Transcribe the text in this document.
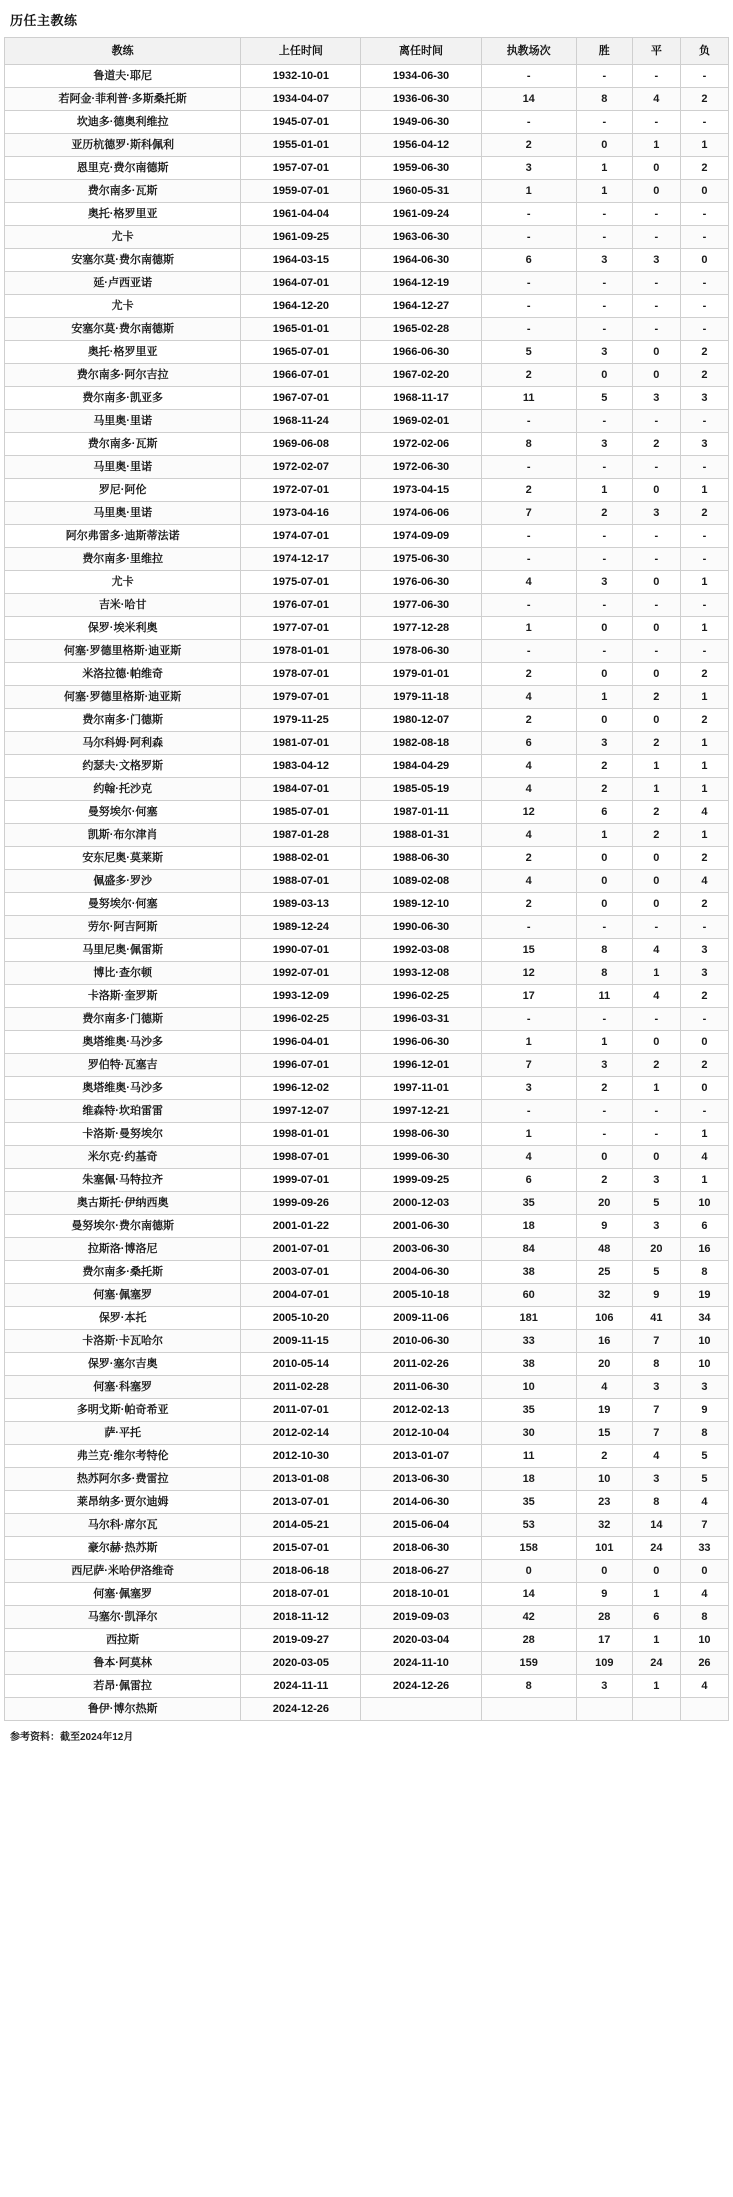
历任主教练
教练	上任时间	离任时间	执教场次	胜	平	负
鲁道夫·耶尼	1932-10-01	1934-06-30	-	-	-	-
若阿金·菲利普·多斯桑托斯	1934-04-07	1936-06-30	14	8	4	2
坎迪多·德奥利维拉	1945-07-01	1949-06-30	-	-	-	-
亚历杭德罗·斯科佩利	1955-01-01	1956-04-12	2	0	1	1
恩里克·费尔南德斯	1957-07-01	1959-06-30	3	1	0	2
费尔南多·瓦斯	1959-07-01	1960-05-31	1	1	0	0
奥托·格罗里亚	1961-04-04	1961-09-24	-	-	-	-
尤卡	1961-09-25	1963-06-30	-	-	-	-
安塞尔莫·费尔南德斯	1964-03-15	1964-06-30	6	3	3	0
延·卢西亚诺	1964-07-01	1964-12-19	-	-	-	-
尤卡	1964-12-20	1964-12-27	-	-	-	-
安塞尔莫·费尔南德斯	1965-01-01	1965-02-28	-	-	-	-
奥托·格罗里亚	1965-07-01	1966-06-30	5	3	0	2
费尔南多·阿尔吉拉	1966-07-01	1967-02-20	2	0	0	2
费尔南多·凯亚多	1967-07-01	1968-11-17	11	5	3	3
马里奥·里诺	1968-11-24	1969-02-01	-	-	-	-
费尔南多·瓦斯	1969-06-08	1972-02-06	8	3	2	3
马里奥·里诺	1972-02-07	1972-06-30	-	-	-	-
罗尼·阿伦	1972-07-01	1973-04-15	2	1	0	1
马里奥·里诺	1973-04-16	1974-06-06	7	2	3	2
阿尔弗雷多·迪斯蒂法诺	1974-07-01	1974-09-09	-	-	-	-
费尔南多·里维拉	1974-12-17	1975-06-30	-	-	-	-
尤卡	1975-07-01	1976-06-30	4	3	0	1
吉米·哈甘	1976-07-01	1977-06-30	-	-	-	-
保罗·埃米利奥	1977-07-01	1977-12-28	1	0	0	1
何塞·罗德里格斯·迪亚斯	1978-01-01	1978-06-30	-	-	-	-
米洛拉德·帕维奇	1978-07-01	1979-01-01	2	0	0	2
何塞·罗德里格斯·迪亚斯	1979-07-01	1979-11-18	4	1	2	1
费尔南多·门德斯	1979-11-25	1980-12-07	2	0	0	2
马尔科姆·阿利森	1981-07-01	1982-08-18	6	3	2	1
约瑟夫·文格罗斯	1983-04-12	1984-04-29	4	2	1	1
约翰·托沙克	1984-07-01	1985-05-19	4	2	1	1
曼努埃尔·何塞	1985-07-01	1987-01-11	12	6	2	4
凯斯·布尔津肖	1987-01-28	1988-01-31	4	1	2	1
安东尼奥·莫莱斯	1988-02-01	1988-06-30	2	0	0	2
佩盛多·罗沙	1988-07-01	1089-02-08	4	0	0	4
曼努埃尔·何塞	1989-03-13	1989-12-10	2	0	0	2
劳尔·阿吉阿斯	1989-12-24	1990-06-30	-	-	-	-
马里尼奥·佩雷斯	1990-07-01	1992-03-08	15	8	4	3
博比·查尔顿	1992-07-01	1993-12-08	12	8	1	3
卡洛斯·奎罗斯	1993-12-09	1996-02-25	17	11	4	2
费尔南多·门德斯	1996-02-25	1996-03-31	-	-	-	-
奥塔维奥·马沙多	1996-04-01	1996-06-30	1	1	0	0
罗伯特·瓦塞吉	1996-07-01	1996-12-01	7	3	2	2
奥塔维奥·马沙多	1996-12-02	1997-11-01	3	2	1	0
维森特·坎珀雷雷	1997-12-07	1997-12-21	-	-	-	-
卡洛斯·曼努埃尔	1998-01-01	1998-06-30	1	-	-	1
米尔克·约基奇	1998-07-01	1999-06-30	4	0	0	4
朱塞佩·马特拉齐	1999-07-01	1999-09-25	6	2	3	1
奥古斯托·伊纳西奥	1999-09-26	2000-12-03	35	20	5	10
曼努埃尔·费尔南德斯	2001-01-22	2001-06-30	18	9	3	6
拉斯洛·博洛尼	2001-07-01	2003-06-30	84	48	20	16
费尔南多·桑托斯	2003-07-01	2004-06-30	38	25	5	8
何塞·佩塞罗	2004-07-01	2005-10-18	60	32	9	19
保罗·本托	2005-10-20	2009-11-06	181	106	41	34
卡洛斯·卡瓦哈尔	2009-11-15	2010-06-30	33	16	7	10
保罗·塞尔吉奥	2010-05-14	2011-02-26	38	20	8	10
何塞·科塞罗	2011-02-28	2011-06-30	10	4	3	3
多明戈斯·帕奇希亚	2011-07-01	2012-02-13	35	19	7	9
萨·平托	2012-02-14	2012-10-04	30	15	7	8
弗兰克·维尔考特伦	2012-10-30	2013-01-07	11	2	4	5
热苏阿尔多·费雷拉	2013-01-08	2013-06-30	18	10	3	5
莱昂纳多·贾尔迪姆	2013-07-01	2014-06-30	35	23	8	4
马尔科·席尔瓦	2014-05-21	2015-06-04	53	32	14	7
豪尔赫·热苏斯	2015-07-01	2018-06-30	158	101	24	33
西尼萨·米哈伊洛维奇	2018-06-18	2018-06-27	0	0	0	0
何塞·佩塞罗	2018-07-01	2018-10-01	14	9	1	4
马塞尔·凯泽尔	2018-11-12	2019-09-03	42	28	6	8
西拉斯	2019-09-27	2020-03-04	28	17	1	10
鲁本·阿莫林	2020-03-05	2024-11-10	159	109	24	26
若昂·佩雷拉	2024-11-11	2024-12-26	8	3	1	4
鲁伊·博尔热斯	2024-12-26					
参考资料：截至2024年12月
